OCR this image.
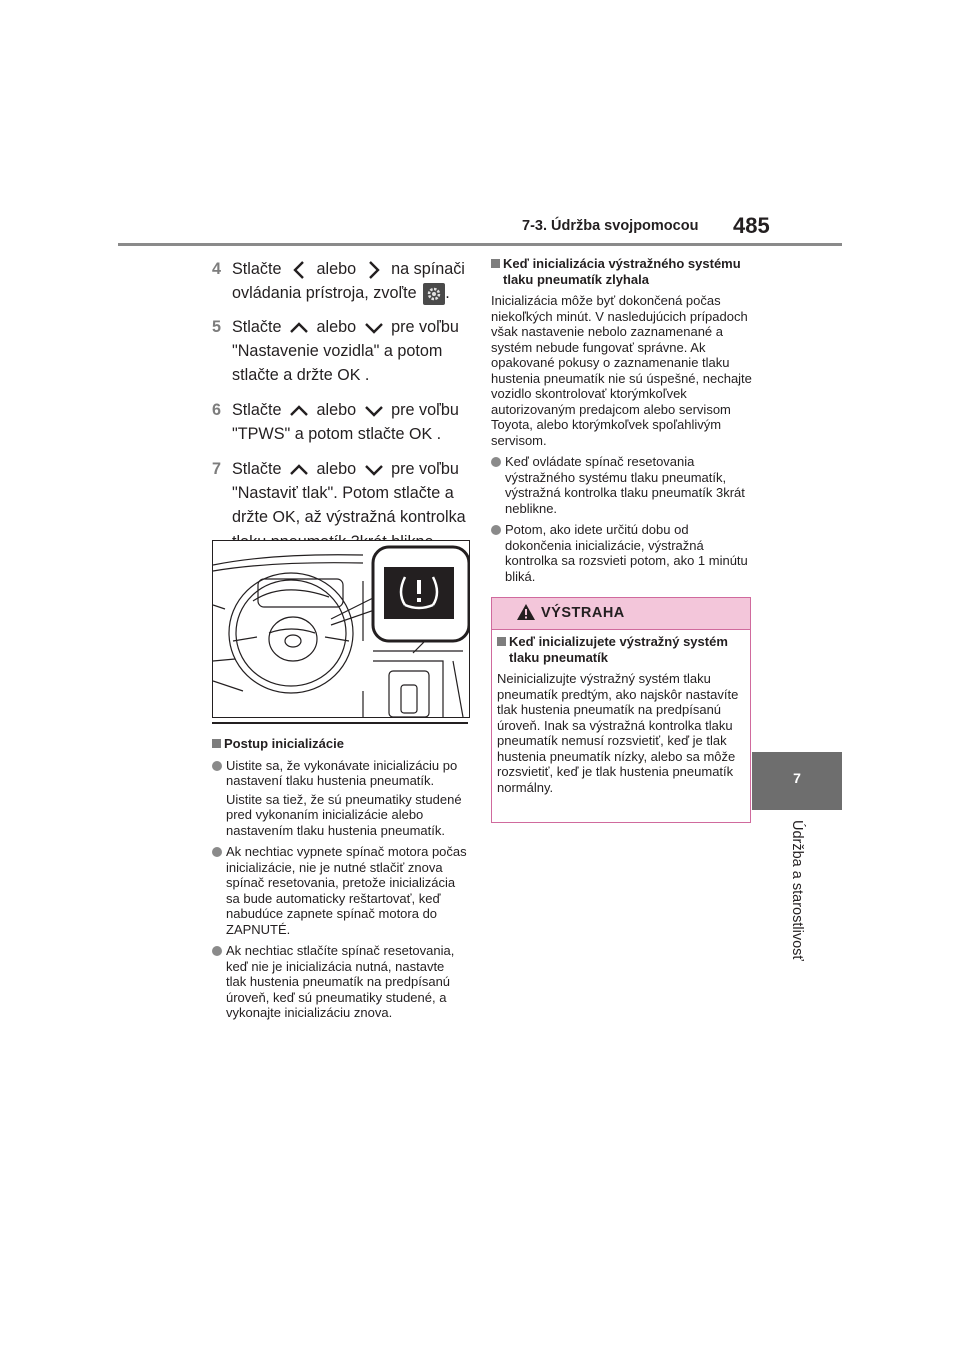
7-3. Údržba svojpomocou 485
7
Údržba a starostlivosť
4 Stlačte alebo na spínači ovládania prístroja, zvoľte .
5 Stlačte alebo pre voľbu "Nastavenie vozidla" a potom stlačte a držte OK .
6 Stlačte alebo pre voľbu "TPWS" a potom stlačte OK .
7 Stlačte alebo pre voľbu "Nastaviť tlak". Potom stlačte a držte OK, až výstražná kontrolka
Postup inicializácie
Uistite sa, že vykonávate inicializáciu po nastavení tlaku hustenia pneumatík.
Uistite sa tiež, že sú pneumatiky studené pred vykonaním inicializácie alebo nastavením tlaku hustenia pneumatík.
Ak nechtiac vypnete spínač motora počas inicializácie, nie je nutné stlačiť znova spínač resetovania, pretože inicializácia sa bude automaticky reštartovať, keď nabudúce zapnete spínač motora do ZAPNUTÉ.
Ak nechtiac stlačíte spínač resetovania, keď nie je inicializácia nutná, nastavte tlak hustenia pneumatík na predpísanú úroveň, keď sú pneumatiky studené, a vykonajte inicializáciu znova.
Keď inicializácia výstražného systému tlaku pneumatík zlyhala
Inicializácia môže byť dokončená počas niekoľkých minút. V nasledujúcich prípadoch však nastavenie nebolo zaznamenané a systém nebude fungovať správne. Ak opakované pokusy o zaznamenanie tlaku hustenia pneumatík nie sú úspešné, nechajte vozidlo skontrolovať ktorýmkoľvek autorizovaným predajcom alebo servisom Toyota, alebo ktorýmkoľvek spoľahlivým servisom.
Keď ovládate spínač resetovania výstražného systému tlaku pneumatík, výstražná kontrolka tlaku pneumatík 3krát neblikne.
Potom, ako idete určitú dobu od dokončenia inicializácie, výstražná kontrolka sa rozsvieti potom, ako 1 minútu bliká.
VÝSTRAHA
Keď inicializujete výstražný systém tlaku pneumatík
Neinicializujte výstražný systém tlaku pneumatík predtým, ako najskôr nastavíte tlak hustenia pneumatík na predpísanú úroveň. Inak sa výstražná kontrolka tlaku pneumatík nemusí rozsvietiť, keď je tlak hustenia pneumatík nízky, alebo sa môže rozsvietiť, keď je tlak hustenia pneumatík normálny.
